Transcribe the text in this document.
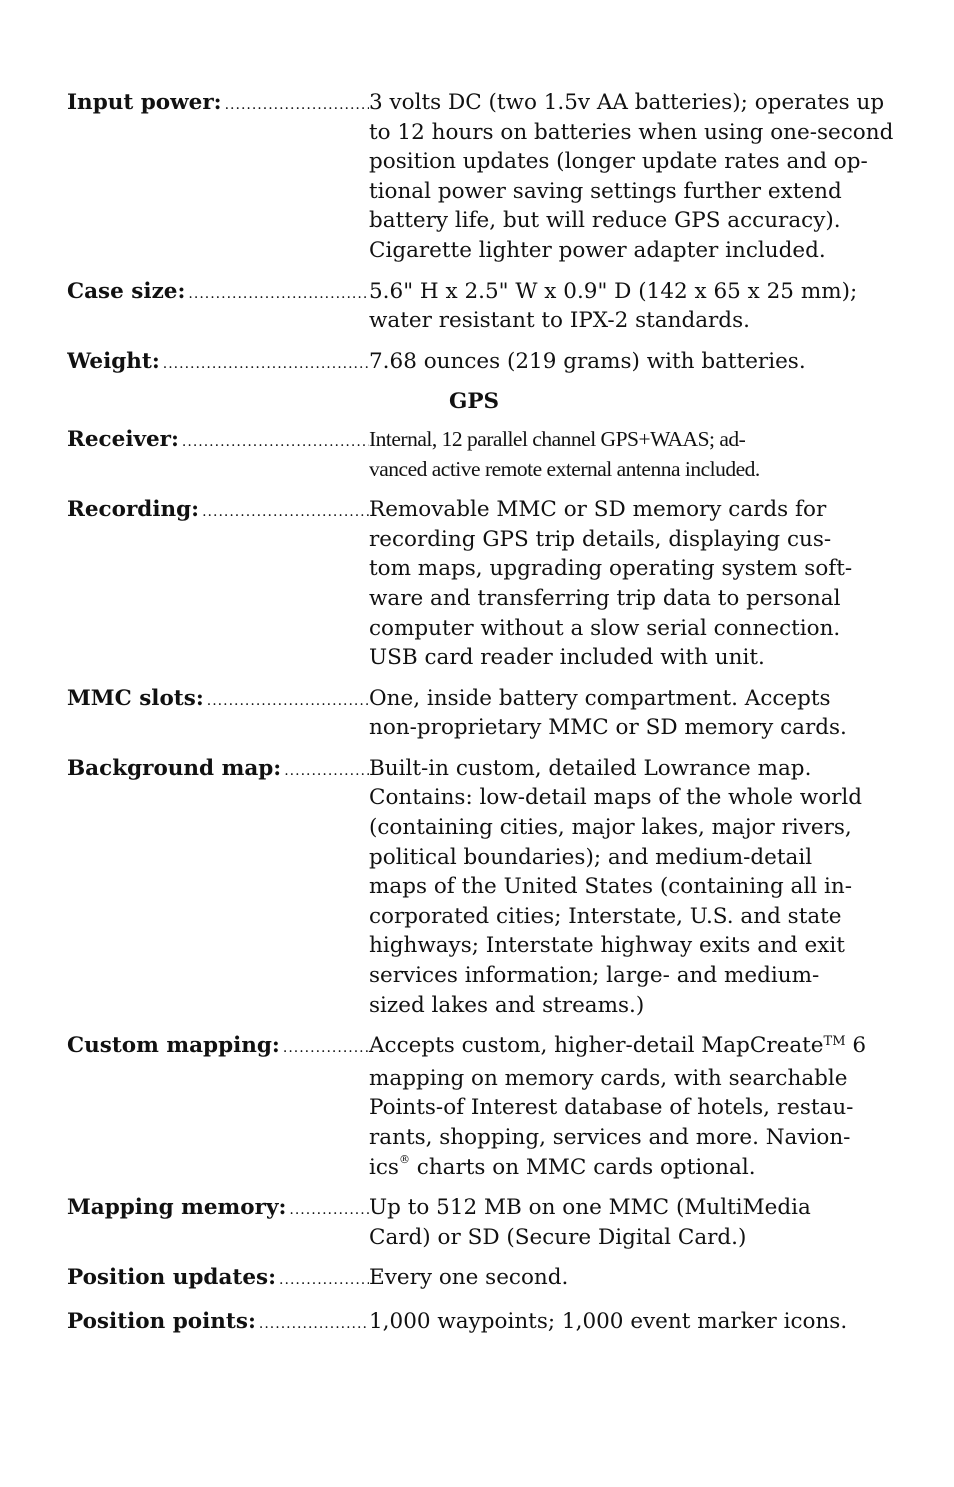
Input power: .....	3 volts DC (two 1.5v AA batteries); operates up
to 12 hours on batteries when using one-second
position updates (longer update rates and op-
tional power saving settings further extend
battery life, but will reduce GPS accuracy).
Cigarette lighter power adapter included.
Case size: .....	5.6" H x 2.5" W x 0.9" D (142 x 65 x 25 mm);
water resistant to IPX-2 standards.
Weight: .....	7.68 ounces (219 grams) with batteries.
GPS
Receiver: .....	Internal, 12 parallel channel GPS+WAAS; ad-
vanced active remote external antenna included.
Recording: .....	Removable MMC or SD memory cards for
recording GPS trip details, displaying cus-
tom maps, upgrading operating system soft-
ware and transferring trip data to personal
computer without a slow serial connection.
USB card reader included with unit.
MMC slots: .....	One, inside battery compartment. Accepts
non-proprietary MMC or SD memory cards.
Background map: .....	Built-in custom, detailed Lowrance map.
Contains: low-detail maps of the whole world
(containing cities, major lakes, major rivers,
political boundaries); and medium-detail
maps of the United States (containing all in-
corporated cities; Interstate, U.S. and state
highways; Interstate highway exits and exit
services information; large- and medium-
sized lakes and streams.)
Custom mapping: .....	Accepts custom, higher-detail MapCreate™ 6
mapping on memory cards, with searchable
Points-of Interest database of hotels, restau-
rants, shopping, services and more. Navion-
ics® charts on MMC cards optional.
Mapping memory: .....	Up to 512 MB on one MMC (MultiMedia
Card) or SD (Secure Digital Card.)
Position updates: .....	Every one second.
Position points: .....	1,000 waypoints; 1,000 event marker icons.
